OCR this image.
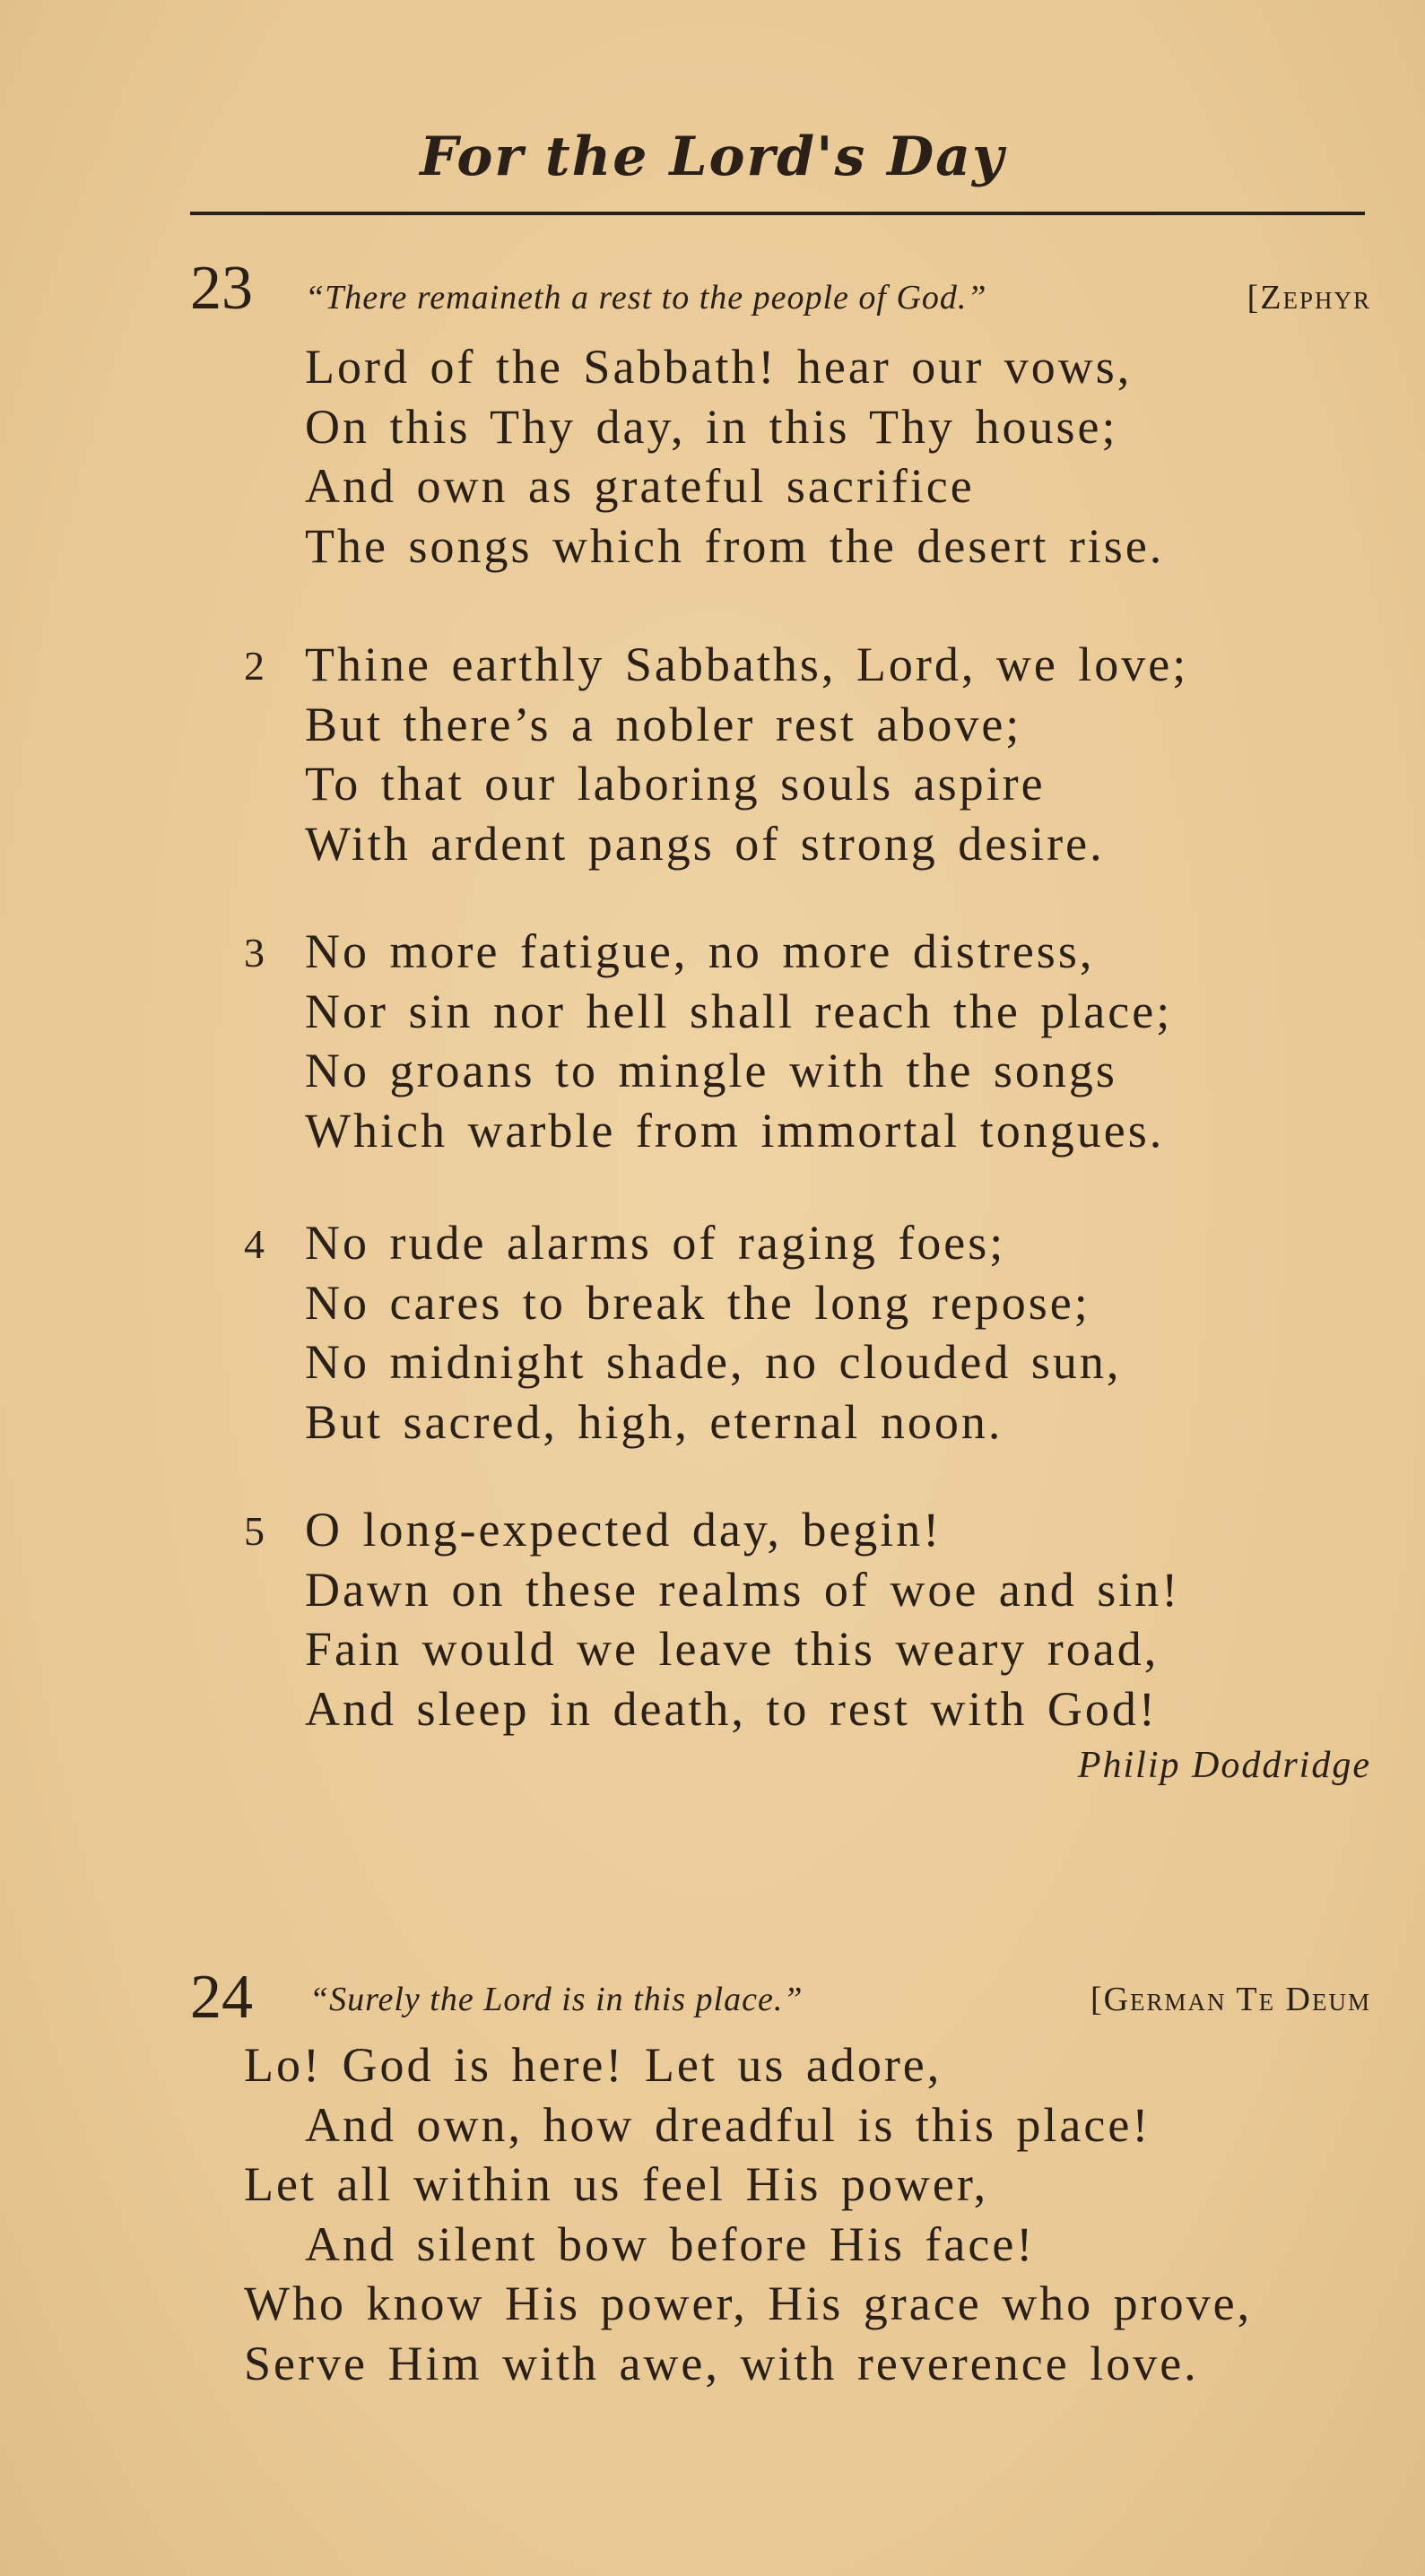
For the Lord's Day
23 “There remaineth a rest to the people of God.”	[Zephyr
Lord of the Sabbath! hear our vows,
On this Thy day, in this Thy house;
And own as grateful sacrifice
The songs which from the desert rise.
2 Thine earthly Sabbaths, Lord, we love;
But there’s a nobler rest above;
To that our laboring souls aspire
With ardent pangs of strong desire.
3 No more fatigue, no more distress,
Nor sin nor hell shall reach the place;
No groans to mingle with the songs
Which warble from immortal tongues.
4 No rude alarms of raging foes;
No cares to break the long repose;
No midnight shade, no clouded sun,
But sacred, high, eternal noon.
5 O long-expected day, begin!
Dawn on these realms of woe and sin!
Fain would we leave this weary road,
And sleep in death, to rest with God!
Philip Doddridge
24 “Surely the Lord is in this place.”	[German Te Deum
Lo! God is here! Let us adore,
And own, how dreadful is this place!
Let all within us feel His power,
And silent bow before His face!
Who know His power, His grace who prove,
Serve Him with awe, with reverence love.
